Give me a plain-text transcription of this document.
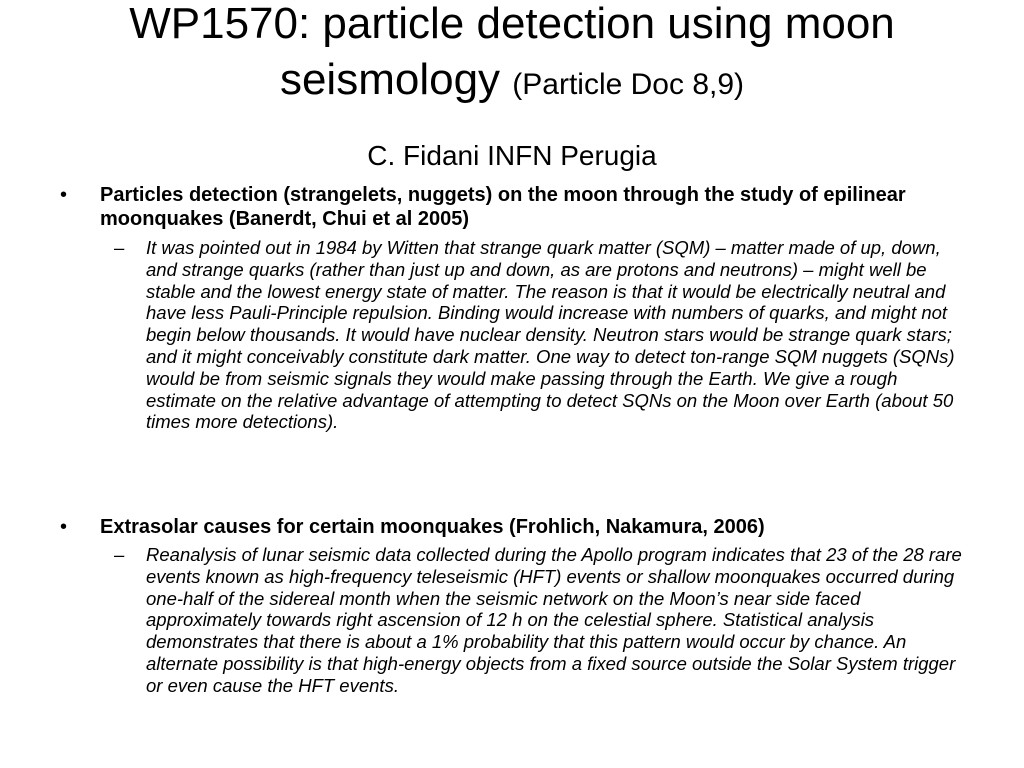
WP1570: particle detection using moon seismology (Particle Doc 8,9)
C. Fidani INFN Perugia
•	Particles detection (strangelets, nuggets) on the moon through the study of epilinear moonquakes (Banerdt, Chui et al 2005)
–	It was pointed out in 1984 by Witten that strange quark matter (SQM) – matter made of up, down, and strange quarks (rather than just up and down, as are protons and neutrons) – might well be stable and the lowest energy state of matter. The reason is that it would be electrically neutral and have less Pauli-Principle repulsion. Binding would increase with numbers of quarks, and might not begin below thousands. It would have nuclear density. Neutron stars would be strange quark stars; and it might conceivably constitute dark matter. One way to detect ton-range SQM nuggets (SQNs) would be from seismic signals they would make passing through the Earth. We give a rough estimate on the relative advantage of attempting to detect SQNs on the Moon over Earth (about 50 times more detections).
•	Extrasolar causes for certain moonquakes (Frohlich, Nakamura, 2006)
–	Reanalysis of lunar seismic data collected during the Apollo program indicates that 23 of the 28 rare events known as high-frequency teleseismic (HFT) events or shallow moonquakes occurred during one-half of the sidereal month when the seismic network on the Moon’s near side faced approximately towards right ascension of 12 h on the celestial sphere. Statistical analysis demonstrates that there is about a 1% probability that this pattern would occur by chance. An alternate possibility is that high-energy objects from a fixed source outside the Solar System trigger or even cause the HFT events.
